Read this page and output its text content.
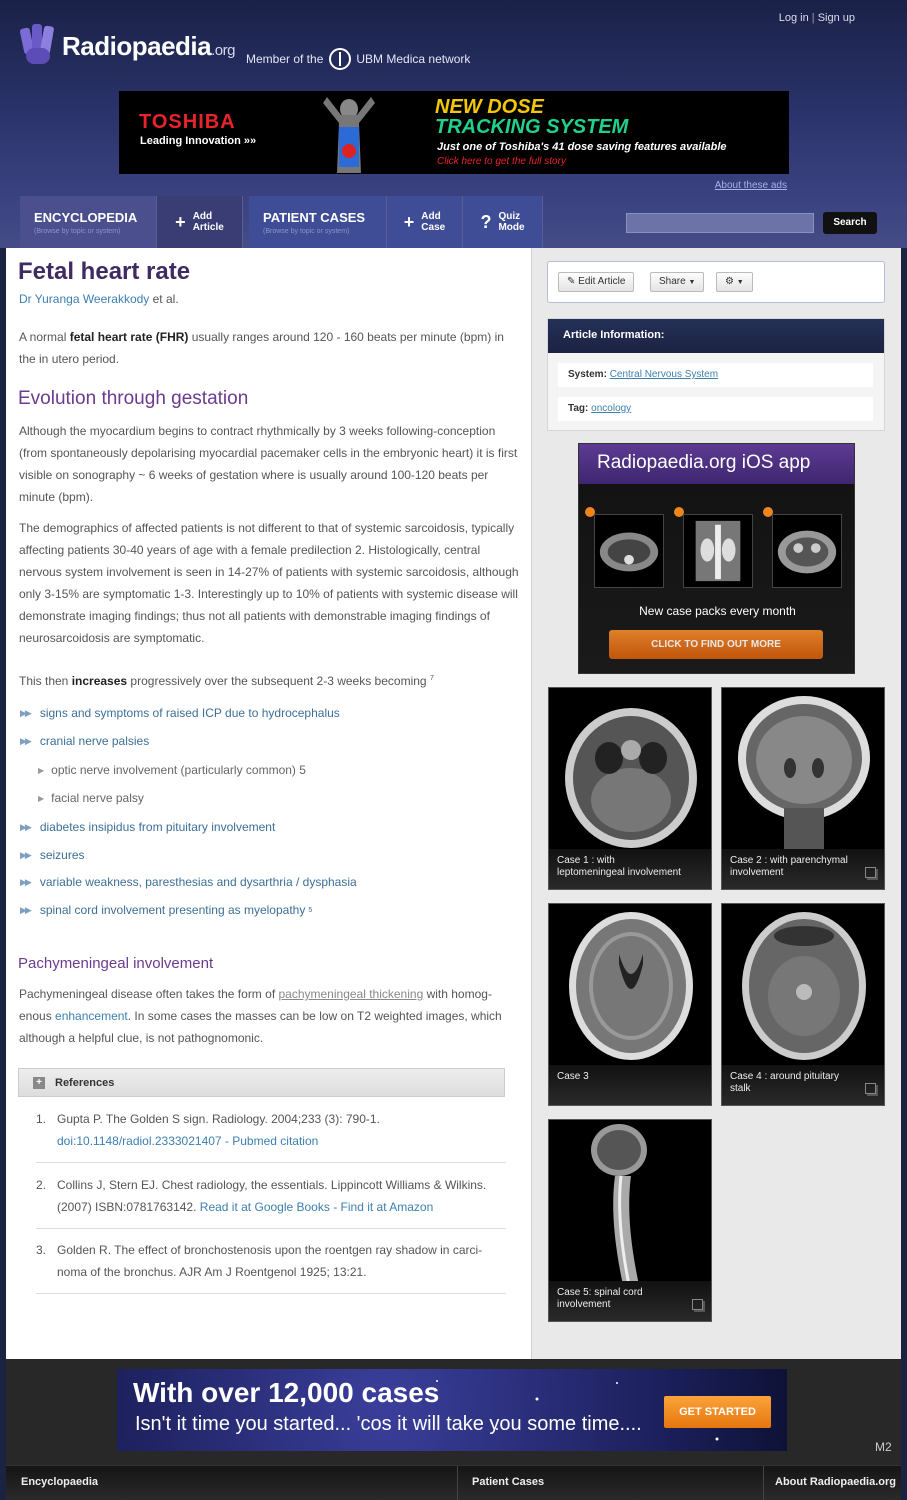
Radiopaedia.org
Member of the	UBM Medica network
Log in | Sign up
TOSHIBA
Leading Innovation »»
NEW DOSE
TRACKING SYSTEM
Just one of Toshiba's 41 dose saving features available
Click here to get the full story
About these ads
ENCYCLOPEDIA
(Browse by topic or system)	+ Add
Article
PATIENT CASES
(Browse by topic or system)	+ Add
Case ? Quiz
Mode	Search
Fetal heart rate
Dr Yuranga Weerakkody et al.
A normal fetal heart rate (FHR) usually ranges around 120 - 160 beats per minute (bpm) in the in utero period.
Evolution through gestation
Although the myocardium begins to contract rhythmically by 3 weeks following-conception (from spontaneously depolarising myocardial pacemaker cells in the embryonic heart) it is first visible on sonography ~ 6 weeks of gestation where is usually around 100-120 beats per minute (bpm).
The demographics of affected patients is not different to that of systemic sarcoidosis, typically affecting patients 30-40 years of age with a female predilection 2. Histologically, central nervous system involvement is seen in 14-27% of patients with systemic sarcoidosis, although only 3-15% are symptomatic 1-3. Interestingly up to 10% of patients with systemic disease will demonstrate imaging findings; thus not all patients with demonstrable imaging findings of neurosarcoidosis are symptomatic.
This then increases progressively over the subsequent 2-3 weeks becoming $^7$
▶▶ signs and symptoms of raised ICP due to hydrocephalus
▶▶ cranial nerve palsies
▶ optic nerve involvement (particularly common) 5
▶ facial nerve palsy
▶▶ diabetes insipidus from pituitary involvement
▶▶ seizures
▶▶ variable weakness, paresthesias and dysarthria / dysphasia
▶▶ spinal cord involvement presenting as myelopathy 5
Pachymeningeal involvement
Pachymeningeal disease often takes the form of pachymeningeal thickening with homog-enous enhancement. In some cases the masses can be low on T2 weighted images, which although a helpful clue, is not pathognomonic.
+ References
1. Gupta P. The Golden S sign. Radiology. 2004;233 (3): 790-1.
doi:10.1148/radiol.2333021407 - Pubmed citation
2. Collins J, Stern EJ. Chest radiology, the essentials. Lippincott Williams & Wilkins. (2007) ISBN:0781763142. Read it at Google Books - Find it at Amazon
3. Golden R. The effect of bronchostenosis upon the roentgen ray shadow in carci-noma of the bronchus. AJR Am J Roentgenol 1925; 13:21.
✎ Edit Article	Share ▼	⚙ ▼
Article Information:
System: Central Nervous System
Tag: oncology
Radiopaedia.org iOS app
New case packs every month
CLICK TO FIND OUT MORE
Case 1 : with leptomeningeal involvement
Case 2 : with parenchymal involvement
Case 3	Case 4 : around pituitary stalk
Case 5: spinal cord involvement
With over 12,000 cases
Isn't it time you started... 'cos it will take you some time....
GET STARTED
M2
Encyclopaedia	Patient Cases	About Radiopaedia.org
